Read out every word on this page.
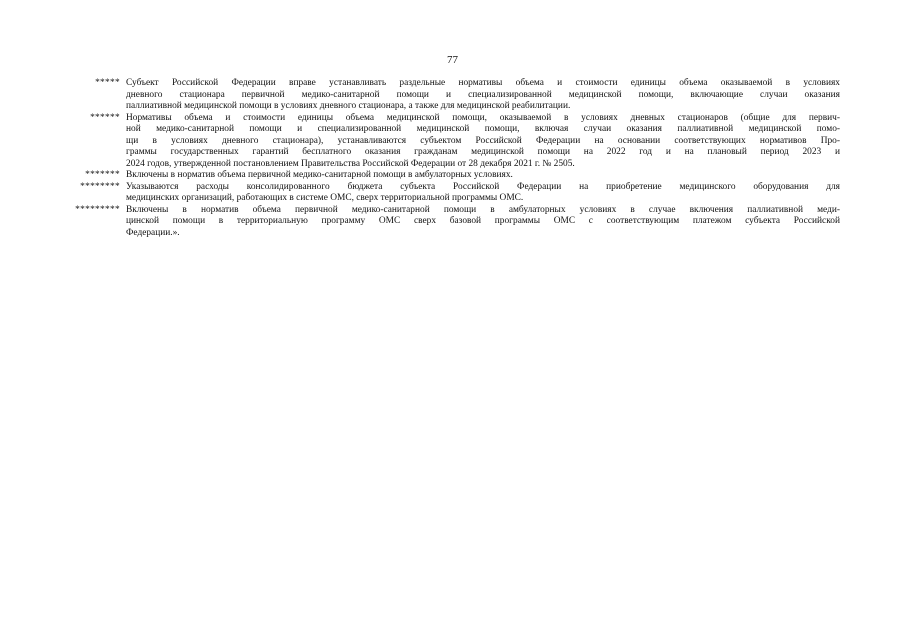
77
***** Субъект Российской Федерации вправе устанавливать раздельные нормативы объема и стоимости единицы объема оказываемой в условиях
дневного стационара первичной медико-санитарной помощи и специализированной медицинской помощи, включающие случаи оказания
паллиативной медицинской помощи в условиях дневного стационара, а также для медицинской реабилитации.
****** Нормативы объема и стоимости единицы объема медицинской помощи, оказываемой в условиях дневных стационаров (общие для первич-
ной медико-санитарной помощи и специализированной медицинской помощи, включая случаи оказания паллиативной медицинской помо-
щи в условиях дневного стационара), устанавливаются субъектом Российской Федерации на основании соответствующих нормативов Про-
граммы государственных гарантий бесплатного оказания гражданам медицинской помощи на 2022 год и на плановый период 2023 и
2024 годов, утвержденной постановлением Правительства Российской Федерации от 28 декабря 2021 г. № 2505.
******* Включены в норматив объема первичной медико-санитарной помощи в амбулаторных условиях.
******** Указываются расходы консолидированного бюджета субъекта Российской Федерации на приобретение медицинского оборудования для
медицинских организаций, работающих в системе ОМС, сверх территориальной программы ОМС.
********* Включены в норматив объема первичной медико-санитарной помощи в амбулаторных условиях в случае включения паллиативной меди-
цинской помощи в территориальную программу ОМС сверх базовой программы ОМС с соответствующим платежом субъекта Российской
Федерации.».
